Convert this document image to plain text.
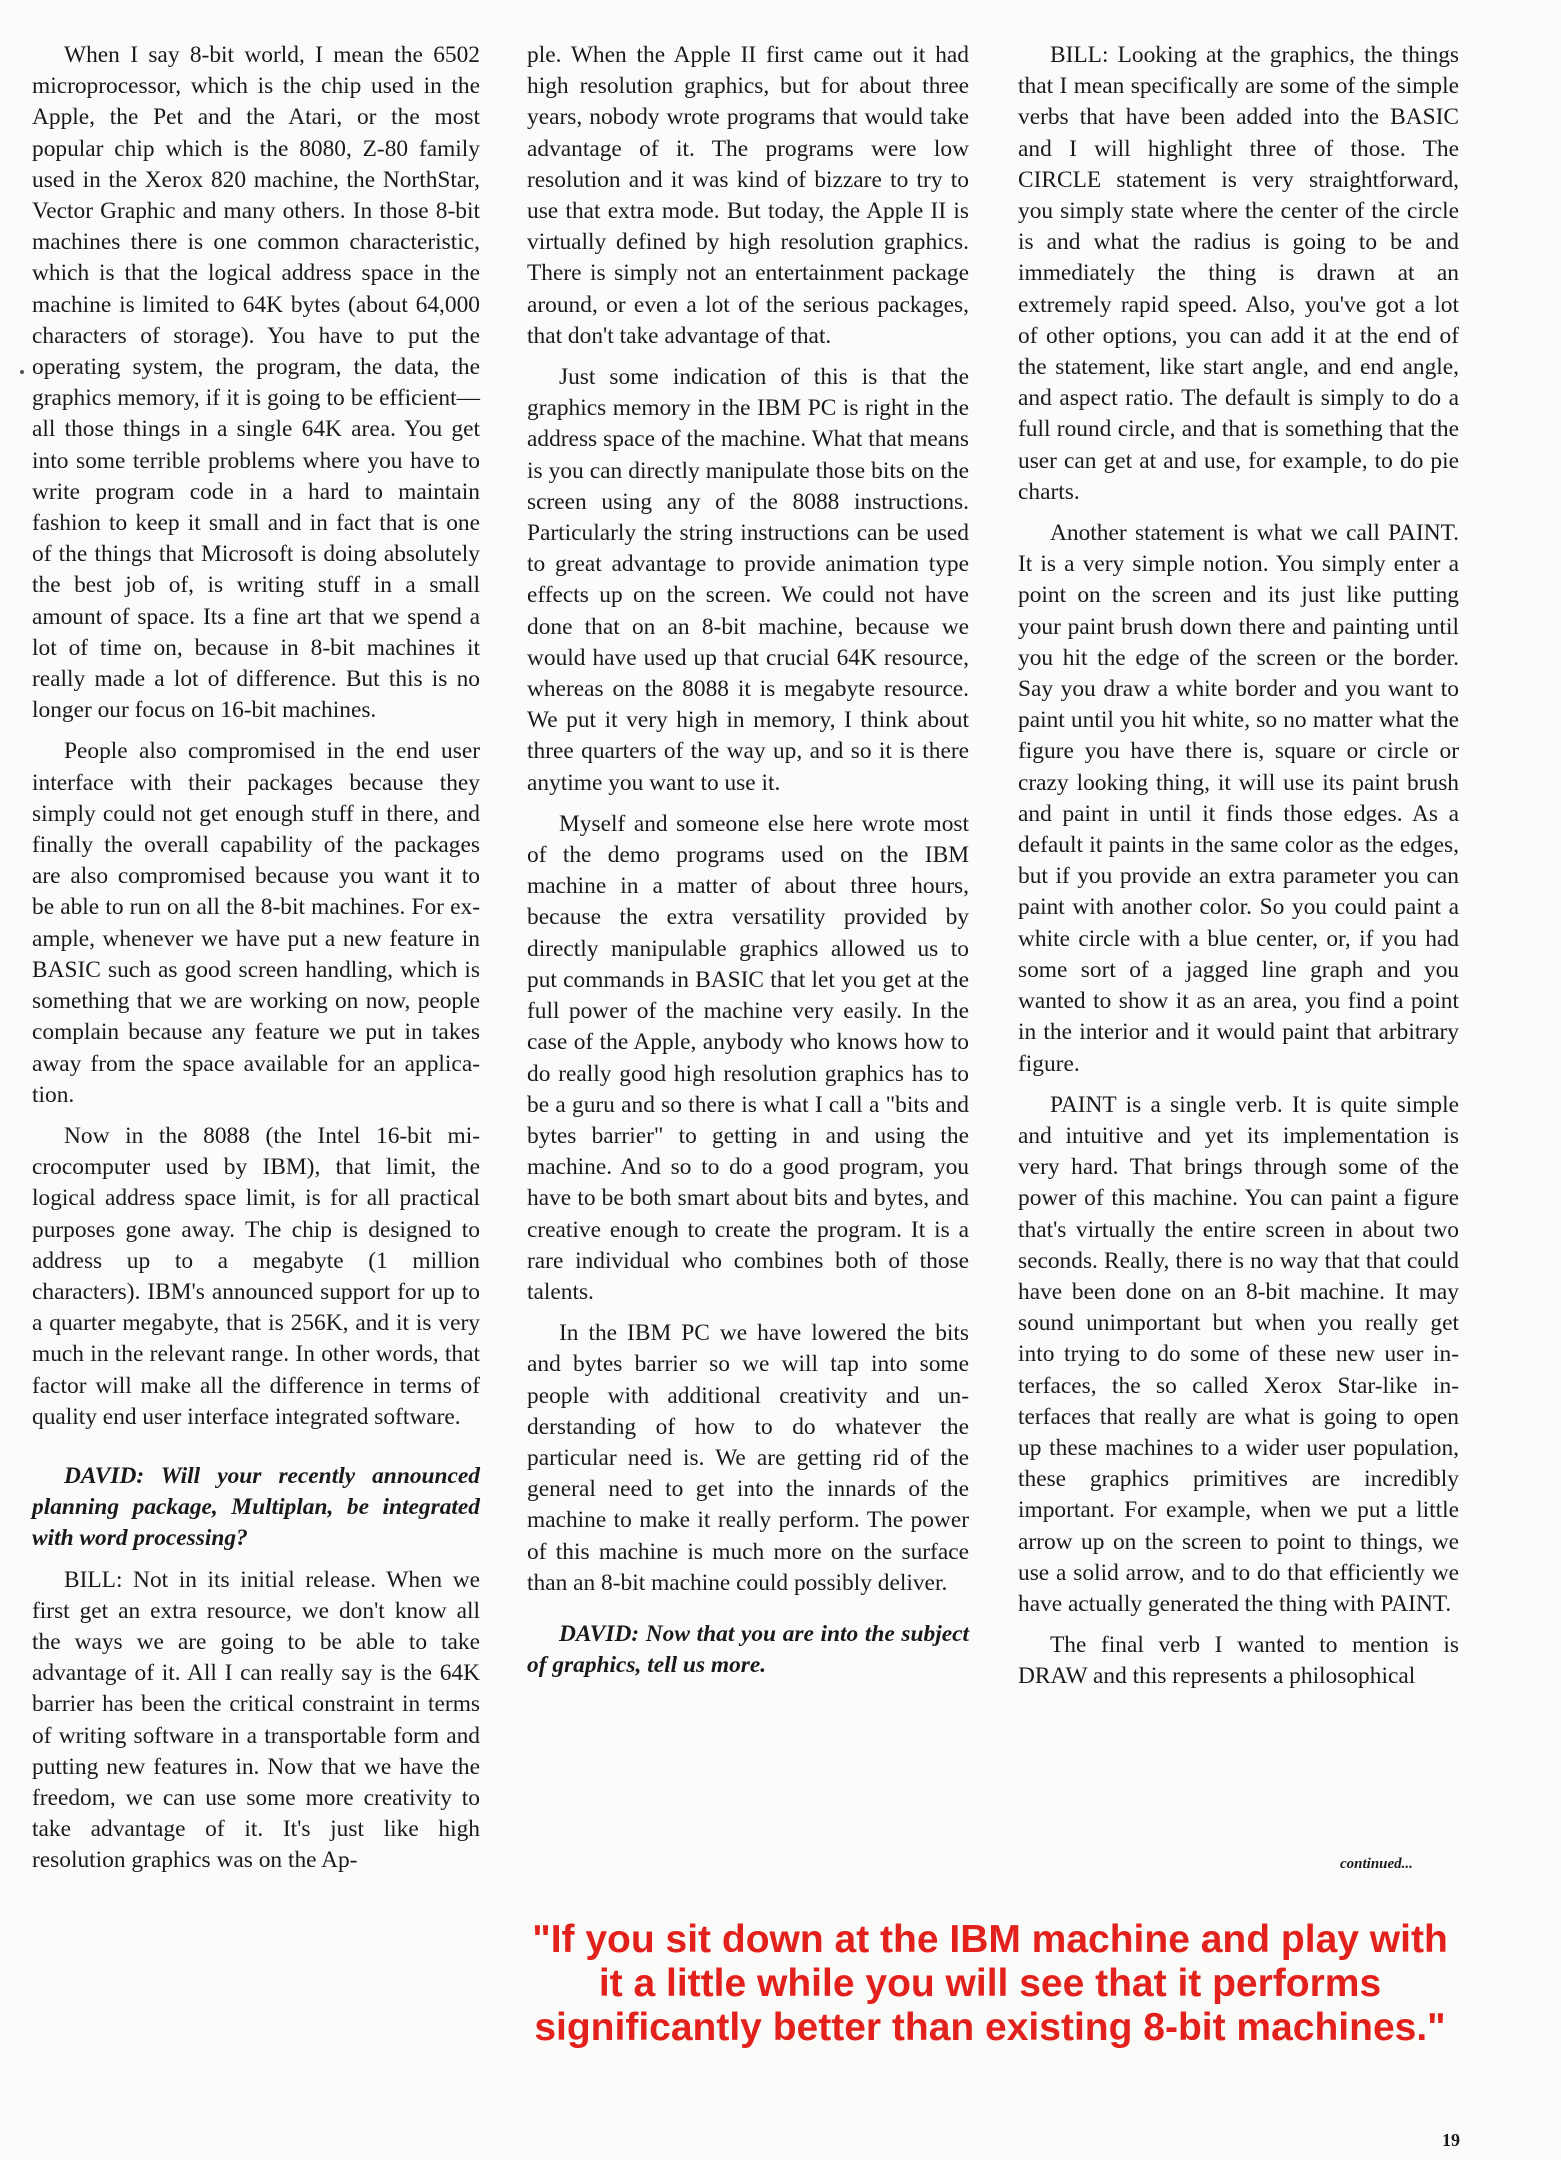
When I say 8-bit world, I mean the 6502 microprocessor, which is the chip used in the Apple, the Pet and the Atari, or the most popular chip which is the 8080, Z-80 family used in the Xerox 820 machine, the NorthStar, Vector Graphic and many others. In those 8-bit machines there is one common characteristic, which is that the logical address space in the machine is limited to 64K bytes (about 64,000 characters of storage). You have to put the operating system, the program, the data, the graphics memory, if it is going to be efficient—all those things in a single 64K area. You get into some terrible problems where you have to write program code in a hard to maintain fashion to keep it small and in fact that is one of the things that Microsoft is doing absolutely the best job of, is writing stuff in a small amount of space. Its a fine art that we spend a lot of time on, because in 8-bit machines it really made a lot of difference. But this is no longer our focus on 16-bit machines.

People also compromised in the end user interface with their packages because they simply could not get enough stuff in there, and finally the overall capability of the packages are also compromised because you want it to be able to run on all the 8-bit machines. For example, whenever we have put a new feature in BASIC such as good screen handling, which is something that we are working on now, people complain because any feature we put in takes away from the space available for an application.

Now in the 8088 (the Intel 16-bit microcomputer used by IBM), that limit, the logical address space limit, is for all practical purposes gone away. The chip is designed to address up to a megabyte (1 million characters). IBM's announced support for up to a quarter megabyte, that is 256K, and it is very much in the relevant range. In other words, that factor will make all the difference in terms of quality end user interface integrated software.

DAVID: Will your recently announced planning package, Multiplan, be integrated with word processing?

BILL: Not in its initial release. When we first get an extra resource, we don't know all the ways we are going to be able to take advantage of it. All I can really say is the 64K barrier has been the critical constraint in terms of writing software in a transportable form and putting new features in. Now that we have the freedom, we can use some more creativity to take advantage of it. It's just like high resolution graphics was on the Ap-

ple. When the Apple II first came out it had high resolution graphics, but for about three years, nobody wrote programs that would take advantage of it. The programs were low resolution and it was kind of bizzare to try to use that extra mode. But today, the Apple II is virtually defined by high resolution graphics. There is simply not an entertainment package around, or even a lot of the serious packages, that don't take advantage of that.

Just some indication of this is that the graphics memory in the IBM PC is right in the address space of the machine. What that means is you can directly manipulate those bits on the screen using any of the 8088 instructions. Particularly the string instructions can be used to great advantage to provide animation type effects up on the screen. We could not have done that on an 8-bit machine, because we would have used up that crucial 64K resource, whereas on the 8088 it is megabyte resource. We put it very high in memory, I think about three quarters of the way up, and so it is there anytime you want to use it.

Myself and someone else here wrote most of the demo programs used on the IBM machine in a matter of about three hours, because the extra versatility provided by directly manipulable graphics allowed us to put commands in BASIC that let you get at the full power of the machine very easily. In the case of the Apple, anybody who knows how to do really good high resolution graphics has to be a guru and so there is what I call a "bits and bytes barrier" to getting in and using the machine. And so to do a good program, you have to be both smart about bits and bytes, and creative enough to create the program. It is a rare individual who combines both of those talents.

In the IBM PC we have lowered the bits and bytes barrier so we will tap into some people with additional creativity and understanding of how to do whatever the particular need is. We are getting rid of the general need to get into the innards of the machine to make it really perform. The power of this machine is much more on the surface than an 8-bit machine could possibly deliver.

DAVID: Now that you are into the subject of graphics, tell us more.

BILL: Looking at the graphics, the things that I mean specifically are some of the simple verbs that have been added into the BASIC and I will highlight three of those. The CIRCLE statement is very straightforward, you simply state where the center of the circle is and what the radius is going to be and immediately the thing is drawn at an extremely rapid speed. Also, you've got a lot of other options, you can add it at the end of the statement, like start angle, and end angle, and aspect ratio. The default is simply to do a full round circle, and that is something that the user can get at and use, for example, to do pie charts.

Another statement is what we call PAINT. It is a very simple notion. You simply enter a point on the screen and its just like putting your paint brush down there and painting until you hit the edge of the screen or the border. Say you draw a white border and you want to paint until you hit white, so no matter what the figure you have there is, square or circle or crazy looking thing, it will use its paint brush and paint in until it finds those edges. As a default it paints in the same color as the edges, but if you provide an extra parameter you can paint with another color. So you could paint a white circle with a blue center, or, if you had some sort of a jagged line graph and you wanted to show it as an area, you find a point in the interior and it would paint that arbitrary figure.

PAINT is a single verb. It is quite simple and intuitive and yet its implementation is very hard. That brings through some of the power of this machine. You can paint a figure that's virtually the entire screen in about two seconds. Really, there is no way that that could have been done on an 8-bit machine. It may sound unimportant but when you really get into trying to do some of these new user interfaces, the so called Xerox Star-like interfaces that really are what is going to open up these machines to a wider user population, these graphics primitives are incredibly important. For example, when we put a little arrow up on the screen to point to things, we use a solid arrow, and to do that efficiently we have actually generated the thing with PAINT.

The final verb I wanted to mention is DRAW and this represents a philosophical

continued...
"If you sit down at the IBM machine and play with it a little while you will see that it performs significantly better than existing 8-bit machines."
19
